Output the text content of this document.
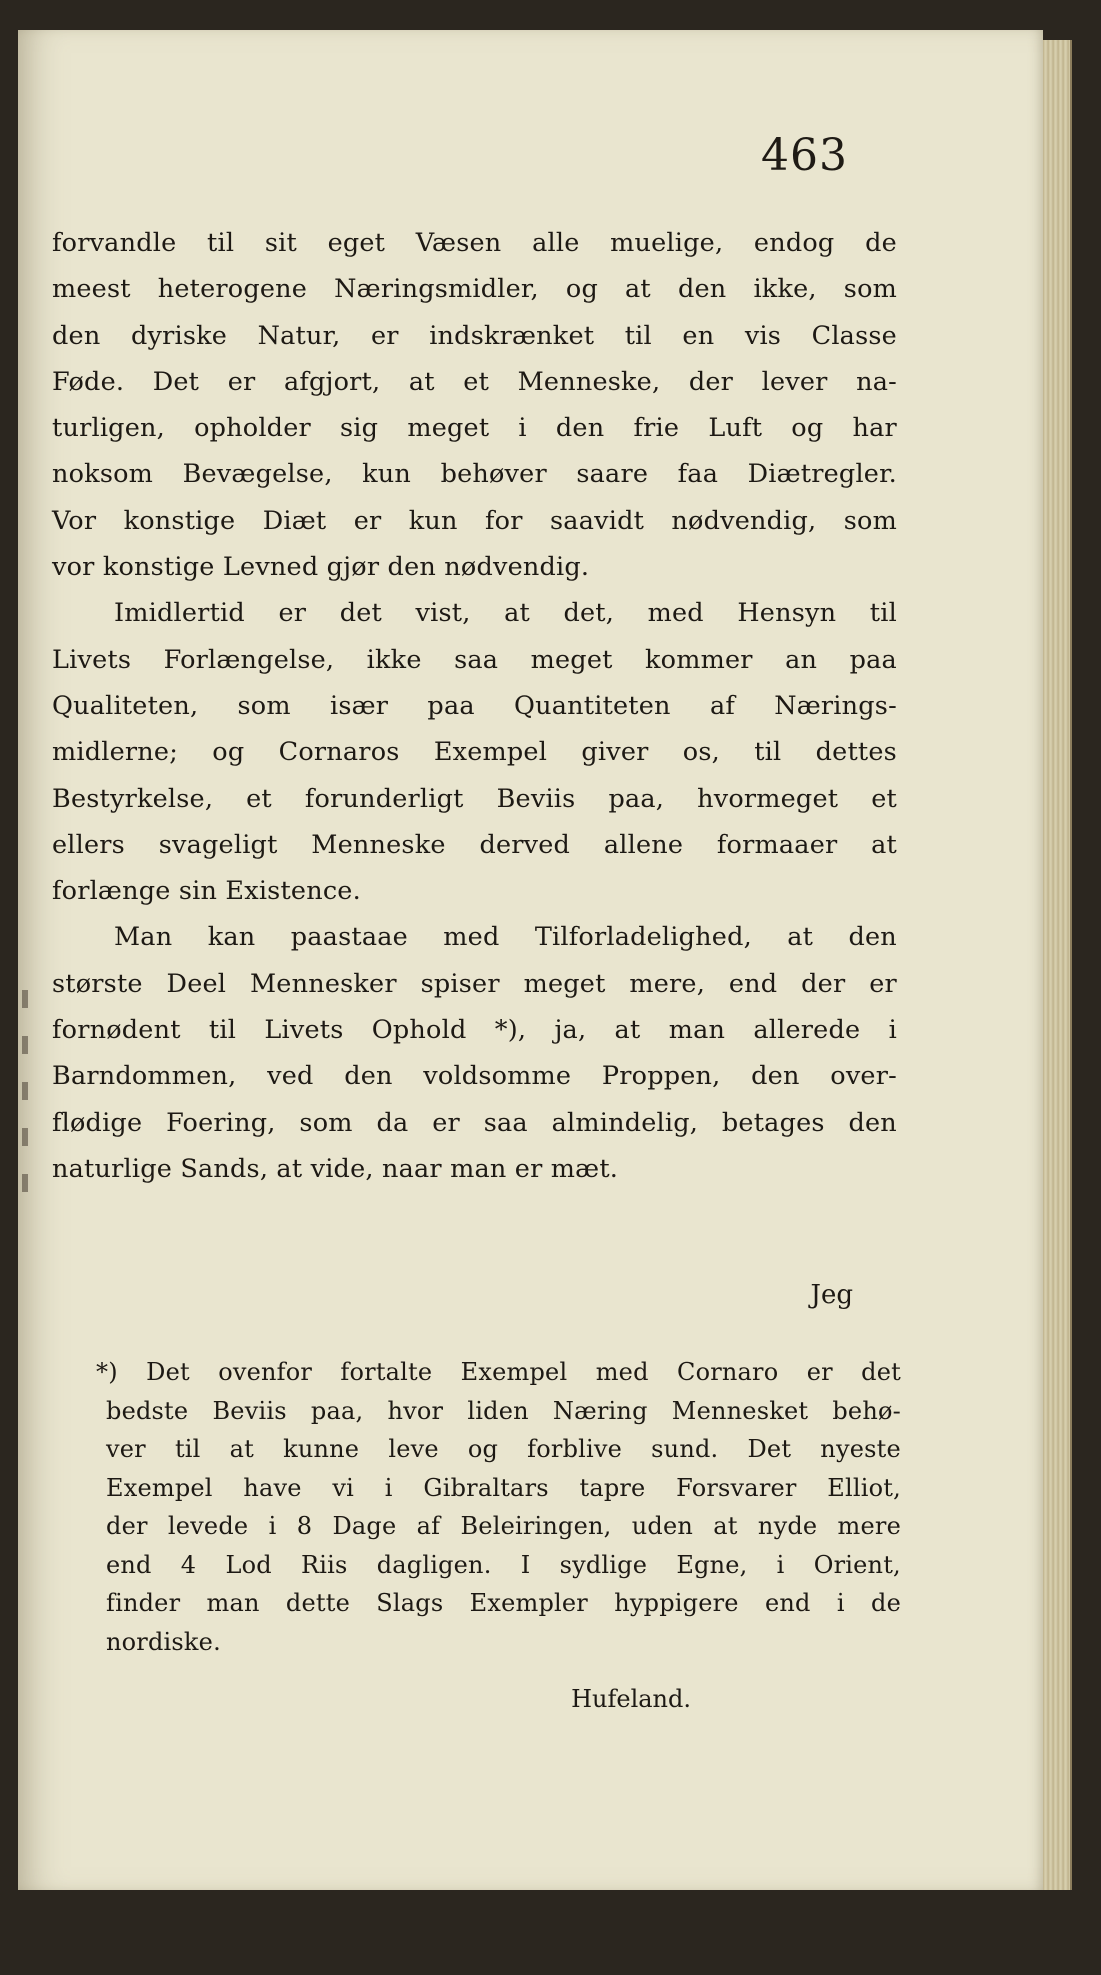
463
forvandle til sit eget Væsen alle muelige, endog de
meest heterogene Næringsmidler, og at den ikke, som
den dyriske Natur, er indskrænket til en vis Classe
Føde. Det er afgjort, at et Menneske, der lever na-
turligen, opholder sig meget i den frie Luft og har
noksom Bevægelse, kun behøver saare faa Diætregler.
Vor konstige Diæt er kun for saavidt nødvendig, som
vor konstige Levned gjør den nødvendig.
Imidlertid er det vist, at det, med Hensyn til
Livets Forlængelse, ikke saa meget kommer an paa
Qualiteten, som især paa Quantiteten af Nærings-
midlerne; og Cornaros Exempel giver os, til dettes
Bestyrkelse, et forunderligt Beviis paa, hvormeget et
ellers svageligt Menneske derved allene formaaer at
forlænge sin Existence.
Man kan paastaae med Tilforladelighed, at den
største Deel Mennesker spiser meget mere, end der er
fornødent til Livets Ophold *), ja, at man allerede i
Barndommen, ved den voldsomme Proppen, den over-
flødige Foering, som da er saa almindelig, betages den
naturlige Sands, at vide, naar man er mæt.
Jeg
*) Det ovenfor fortalte Exempel med Cornaro er det
bedste Beviis paa, hvor liden Næring Mennesket behø-
ver til at kunne leve og forblive sund. Det nyeste
Exempel have vi i Gibraltars tapre Forsvarer Elliot,
der levede i 8 Dage af Beleiringen, uden at nyde mere
end 4 Lod Riis dagligen. I sydlige Egne, i Orient,
finder man dette Slags Exempler hyppigere end i de
nordiske.
Hufeland.
